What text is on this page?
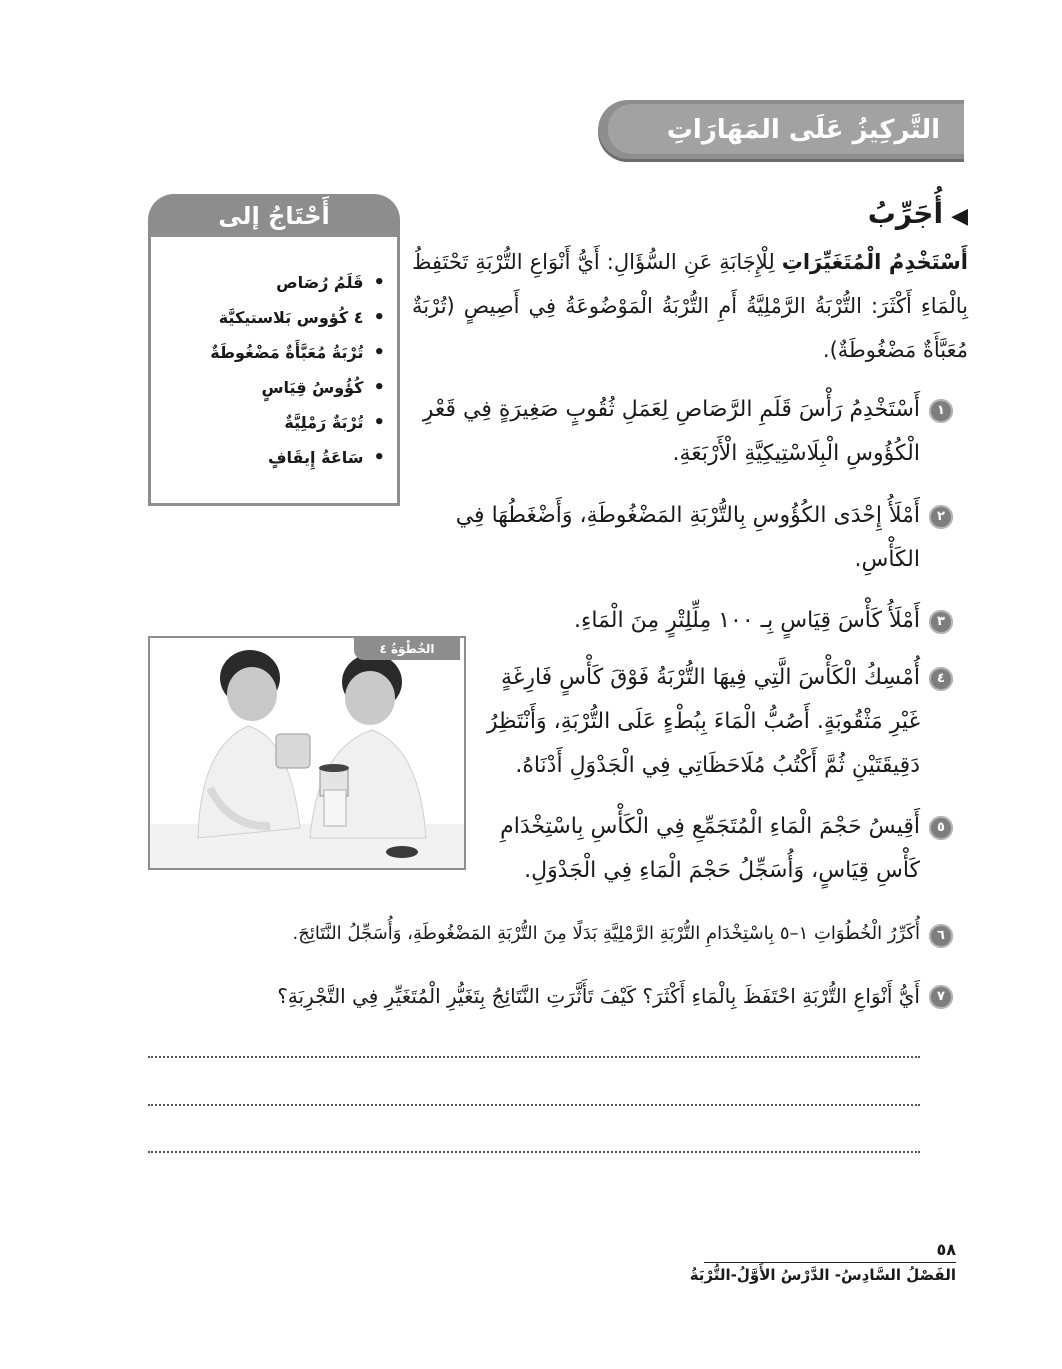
التَّركِيزُ عَلَى المَهَارَاتِ العِلمِيَّةِ
أَحْتَاجُ إلى
•قَلَمُ رُصَاص
•٤ كُؤوس بَلاستيكيَّة
•تُرْبَةُ مُعَبَّأَةٌ مَضْغُوطَةٌ
•كُؤُوسُ قِيَاسٍ
•تُرْبَةٌ رَمْلِيَّةٌ
•سَاعَةُ إِيقَافٍ
◀أُجَرِّبُ
أَسْتَخْدِمُ الْمُتَغَيِّرَاتِ لِلْإِجَابَةِ عَنِ السُّؤَالِ: أَيُّ أَنْوَاعِ التُّرْبَةِ تَحْتَفِظُ بِالْمَاءِ أَكْثَرَ: التُّرْبَةُ الرَّمْلِيَّةُ أَمِ التُّرْبَةُ الْمَوْضُوعَةُ فِي أَصِيصٍ (تُرْبَةٌ مُعَبَّأَةٌ مَضْغُوطَةٌ).
١
أَسْتَخْدِمُ رَأْسَ قَلَمِ الرَّصَاصِ لِعَمَلِ ثُقُوبٍ صَغِيرَةٍ فِي قَعْرِ الْكُؤُوسِ الْبِلَاسْتِيكِيَّةِ الْأَرْبَعَةِ.
٢
أَمْلَأُ إِحْدَى الكُؤُوسِ بِالتُّرْبَةِ المَضْغُوطَةِ، وَأَضْغَطُهَا فِي الكَأْسِ.
٣
أَمْلَأُ كَأْسَ قِيَاسٍ بِـ ١٠٠ مِلِّلِتْرٍ مِنَ الْمَاءِ.
الخُطْوَةُ ٤
٤
أُمْسِكُ الْكَأْسَ الَّتِي فِيهَا التُّرْبَةُ فَوْقَ كَأْسٍ فَارِغَةٍ غَيْرِ مَثْقُوبَةٍ. أَصُبُّ الْمَاءَ بِبُطْءٍ عَلَى التُّرْبَةِ، وَأَنْتَظِرُ دَقِيقَتَيْنِ ثُمَّ أَكْتُبُ مُلَاحَظَاتِي فِي الْجَدْوَلِ أَدْنَاهُ.
٥
أَقِيسُ حَجْمَ الْمَاءِ الْمُتَجَمِّعِ فِي الْكَأْسِ بِاسْتِخْدَامِ كَأْسِ قِيَاسٍ، وَأُسَجِّلُ حَجْمَ الْمَاءِ فِي الْجَدْوَلِ.
٦
أُكَرِّرُ الْخُطُوَاتِ ١–٥ بِاسْتِخْدَامِ التُّرْبَةِ الرَّمْلِيَّةِ بَدَلًا مِنَ التُّرْبَةِ المَضْغُوطَةِ، وَأُسَجِّلُ النَّتَائِجَ.
٧
أَيُّ أَنْوَاعِ التُّرْبَةِ احْتَفَظَ بِالْمَاءِ أَكْثَرَ؟ كَيْفَ تَأَثَّرَتِ النَّتَائِجُ بِتَغَيُّرِ الْمُتَغَيِّرِ فِي التَّجْرِبَةِ؟
٥٨
الفَصْلُ السَّادِسُ- الدَّرْسُ الأَوَّلُ-التُّرْبَةُ
